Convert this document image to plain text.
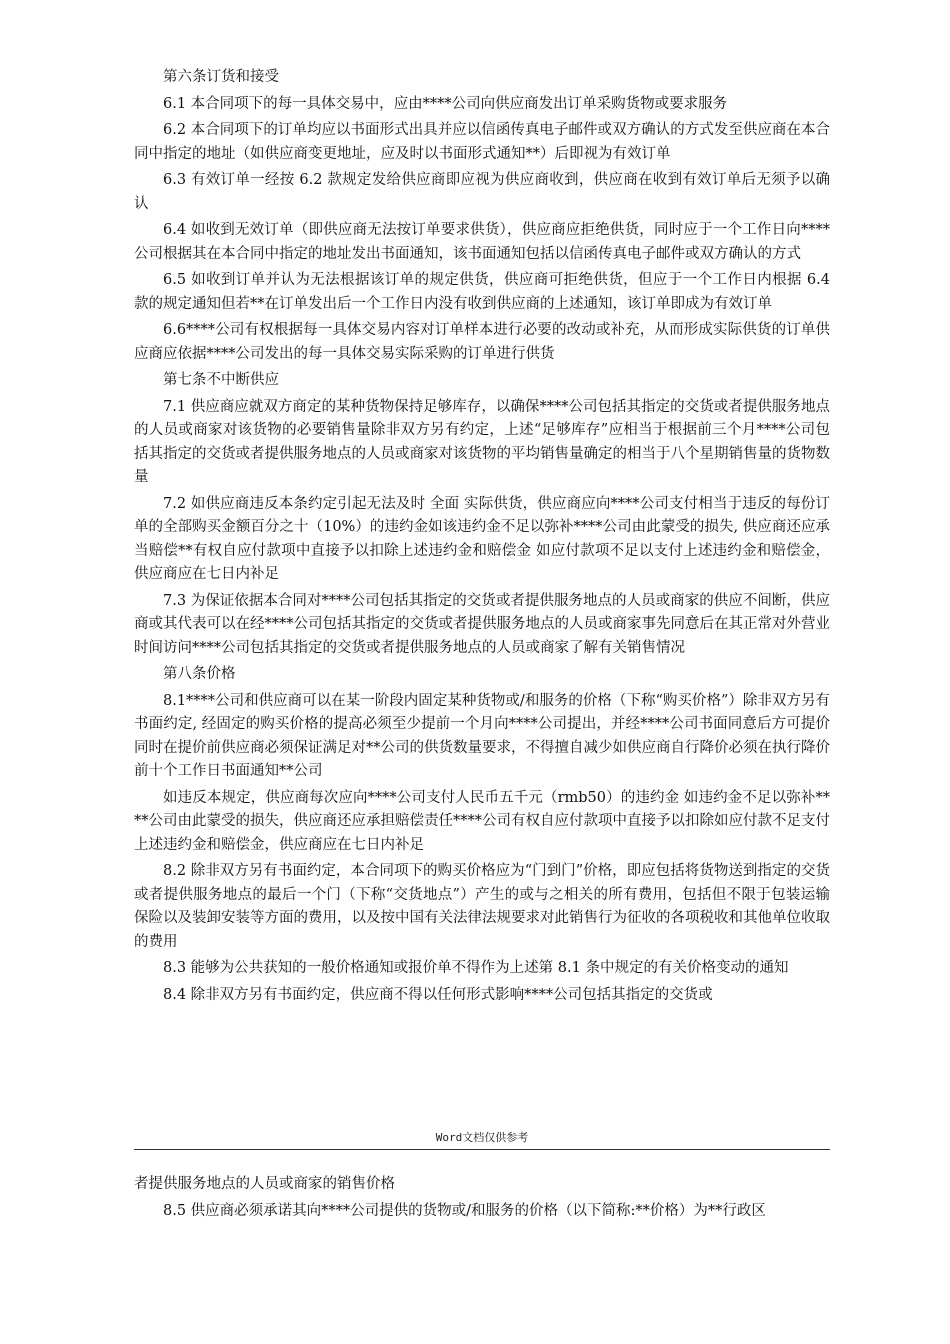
第六条订货和接受

6.1 本合同项下的每一具体交易中，应由****公司向供应商发出订单采购货物或要求服务

6.2 本合同项下的订单均应以书面形式出具并应以信函传真电子邮件或双方确认的方式发至供应商在本合同中指定的地址（如供应商变更地址，应及时以书面形式通知**）后即视为有效订单

6.3 有效订单一经按 6.2 款规定发给供应商即应视为供应商收到，供应商在收到有效订单后无须予以确认

6.4 如收到无效订单（即供应商无法按订单要求供货），供应商应拒绝供货，同时应于一个工作日向****公司根据其在本合同中指定的地址发出书面通知，该书面通知包括以信函传真电子邮件或双方确认的方式

6.5 如收到订单并认为无法根据该订单的规定供货，供应商可拒绝供货，但应于一个工作日内根据 6.4 款的规定通知但若**在订单发出后一个工作日内没有收到供应商的上述通知，该订单即成为有效订单

6.6****公司有权根据每一具体交易内容对订单样本进行必要的改动或补充，从而形成实际供货的订单供应商应依据****公司发出的每一具体交易实际采购的订单进行供货

第七条不中断供应

7.1 供应商应就双方商定的某种货物保持足够库存，以确保****公司包括其指定的交货或者提供服务地点的人员或商家对该货物的必要销售量除非双方另有约定，上述“足够库存”应相当于根据前三个月****公司包括其指定的交货或者提供服务地点的人员或商家对该货物的平均销售量确定的相当于八个星期销售量的货物数量

7.2 如供应商违反本条约定引起无法及时 全面 实际供货，供应商应向****公司支付相当于违反的每份订单的全部购买金额百分之十（10%）的违约金如该违约金不足以弥补****公司由此蒙受的损失, 供应商还应承当赔偿**有权自应付款项中直接予以扣除上述违约金和赔偿金 如应付款项不足以支付上述违约金和赔偿金，供应商应在七日内补足

7.3 为保证依据本合同对****公司包括其指定的交货或者提供服务地点的人员或商家的供应不间断，供应商或其代表可以在经****公司包括其指定的交货或者提供服务地点的人员或商家事先同意后在其正常对外营业时间访问****公司包括其指定的交货或者提供服务地点的人员或商家了解有关销售情况

第八条价格

8.1****公司和供应商可以在某一阶段内固定某种货物或/和服务的价格（下称“购买价格”）除非双方另有书面约定, 经固定的购买价格的提高必须至少提前一个月向****公司提出，并经****公司书面同意后方可提价同时在提价前供应商必须保证满足对**公司的供货数量要求，不得擅自减少如供应商自行降价必须在执行降价前十个工作日书面通知**公司

如违反本规定，供应商每次应向****公司支付人民币五千元（rmb50）的违约金 如违约金不足以弥补****公司由此蒙受的损失，供应商还应承担赔偿责任****公司有权自应付款项中直接予以扣除如应付款不足支付上述违约金和赔偿金，供应商应在七日内补足

8.2 除非双方另有书面约定，本合同项下的购买价格应为“门到门”价格，即应包括将货物送到指定的交货或者提供服务地点的最后一个门（下称“交货地点”）产生的或与之相关的所有费用，包括但不限于包装运输保险以及装卸安装等方面的费用，以及按中国有关法律法规要求对此销售行为征收的各项税收和其他单位收取的费用

8.3 能够为公共获知的一般价格通知或报价单不得作为上述第 8.1 条中规定的有关价格变动的通知

8.4 除非双方另有书面约定，供应商不得以任何形式影响****公司包括其指定的交货或

Word文档仅供参考

者提供服务地点的人员或商家的销售价格

8.5 供应商必须承诺其向****公司提供的货物或/和服务的价格（以下简称:**价格）为**行政区
